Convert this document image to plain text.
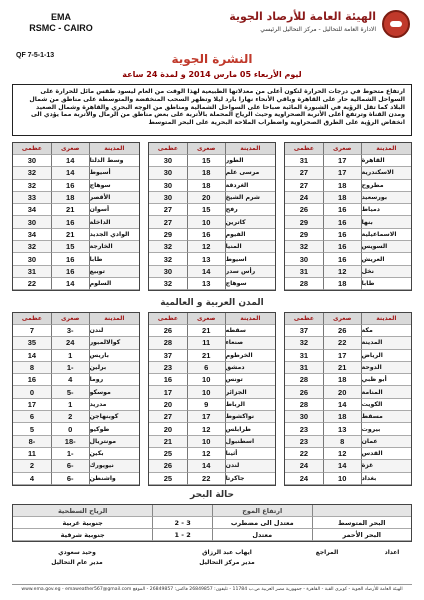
EMA
RSMC - CAIRO
الهيئة العامة للأرصاد الجوية
الادارة العامة للتحاليل - مركز التحاليل الرئيسي
QF 7-5-1-13	النشرة الجوية
ليوم الأربعاء 05 مارس 2014 و لمدة 24 ساعة
ارتفاع متحوط في درجات الحرارة لتكون أعلى من معدلاتها الطبيعية لهذا الوقت من العام ليسود طقس مائل للحرارة على السواحل الشمالية حار على القاهرة وباقي الأنحاء نهارا بارد ليلا وتظهر السحب المنخفضة والمتوسطة على مناطق من شمال البلاد كما تقل الرؤية في الشبورة المائية صباحا على السواحل الشمالية ومناطق من الوجه البحري والقاهرة وشمال الصعيد ومدن القناة وترتفع أعلى الأتربة الصحراوية وحيث الرياح المحملة بالأتربة على بعض مناطق من الرمال والأتربة مما يؤدي الى انخفاض الرؤية على الطرق الصحراوية واضطراب الملاحة البحرية على البحر المتوسط
المدينة
صغرى
عظمى
القاهرة
17
31
الاسكندرية
17
27
مطروح
18
27
بورسعيد
18
24
دمياط
16
26
بنها
16
29
الاسماعيلية
16
29
السويس
16
32
العريش
16
30
نخل
12
31
طابا
18
28
المدينة
صغرى
عظمى
الطور
15
30
مرسى علم
18
30
الغردقة
18
30
شرم الشيخ
20
30
رفح
15
27
كاترين
10
27
الفيوم
16
29
المنيا
12
32
اسيوط
13
32
رأس سدر
14
30
سوهاج
13
32
المدينة
صغرى
عظمى
وسط الدلتا
14
30
أسيوط
14
32
سوهاج
16
32
الأقصر
18
33
أسوان
21
34
الداخلة
16
30
الوادي الجديد
21
34
الخارجة
15
32
طابا
16
30
توبيع
16
31
السلوم
14
22
المدن العربية و العالمية
المدينة
صغرى
عظمى
مكة
26
37
المدينة
22
32
الرياض
17
31
الدوحة
21
31
أبو ظبي
18
28
المنامة
20
26
الكويت
14
28
مسقط
18
30
بيروت
13
23
عمان
8
23
القدس
12
22
غزة
14
24
بغداد
10
24
المدينة
صغرى
عظمى
سقطه
21
26
صنعاء
11
28
الخرطوم
21
37
دمشق
6
23
تونس
10
16
الجزائر
10
17
الرباط
9
20
نواكشوط
17
27
طرابلس
12
20
اسطنبول
10
21
أثينا
12
25
لندن
14
26
جاكرتا
22
25
المدينة
صغرى
عظمى
لندن
-3
7
كوالالمبور
24
35
باريس
1
14
برلين
-1
8
روما
4
16
موسكو
-5
0
مدريد
1
17
كوبنهاجن
2
6
طوكيو
0
5
مونتريال
-18
-8
بكين
-1
11
نيويورك
-6
2
واشنطن
-6
4
حالة البحر
ارتفاع الموج
الرياح السطحية
البحر المتوسط
معتدل الى مضطرب
3 - 2
جنوبية غربية
البحر الأحمر
معتدل
2 - 1
جنوبية شرقية
اعداد
المراجع
ايهاب عبد الرزاق
مدير مركز التحاليل
وحيد سعودي
مدير عام التحاليل
الهيئة العامة للأرصاد الجوية - كوبري القبة - القاهرة - جمهورية مصر العربية ص.ب 11784 - تليفون: 26849857 فاكس: 26849857 - الموقع www.ema.gov.eg - emaweather567@gmail.com
